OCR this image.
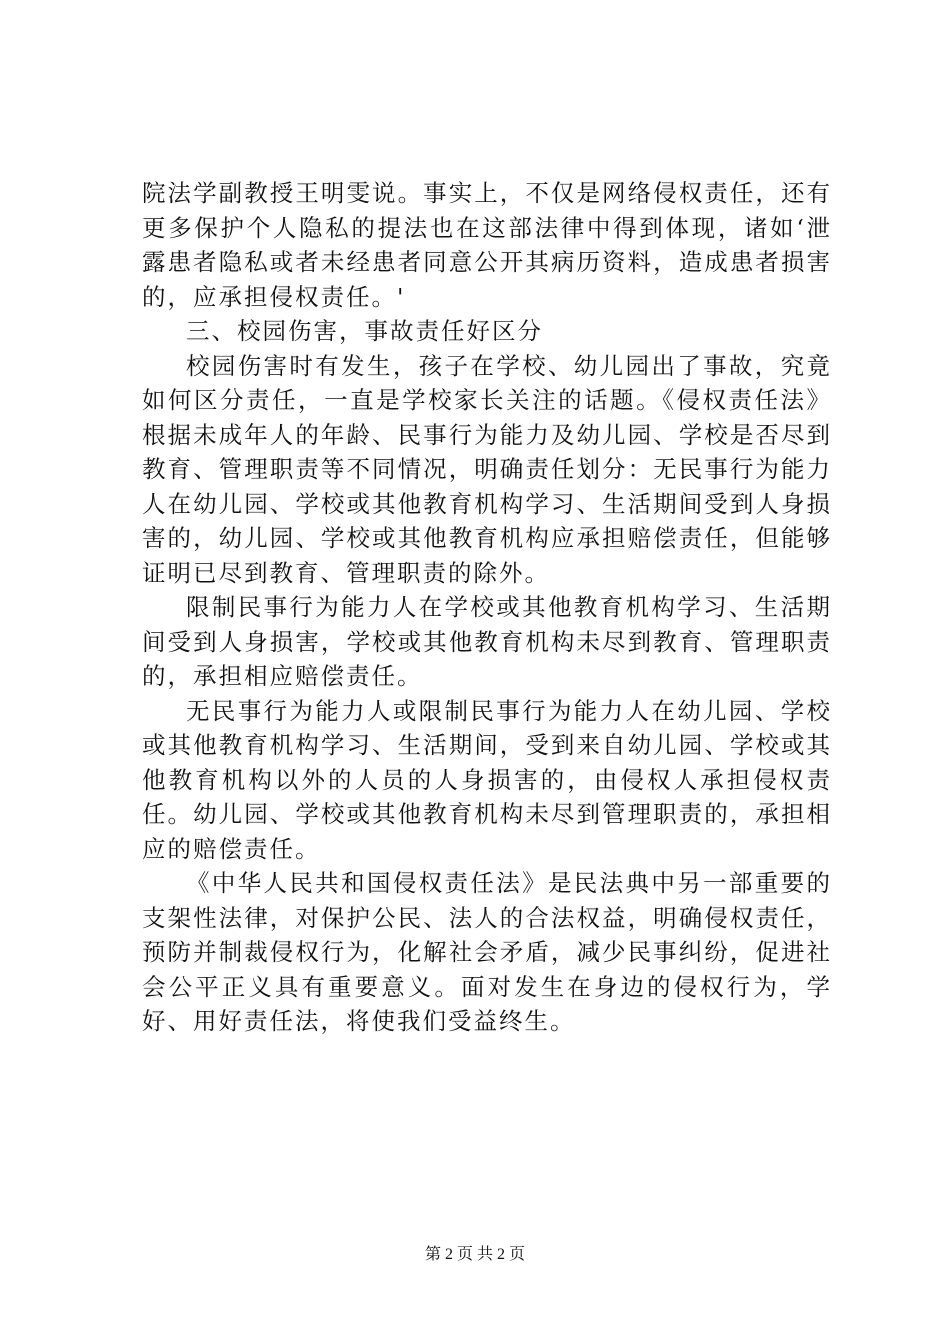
院法学副教授王明雯说。事实上，不仅是网络侵权责任，还有更多保护个人隐私的提法也在这部法律中得到体现，诸如‘泄露患者隐私或者未经患者同意公开其病历资料，造成患者损害的，应承担侵权责任。'

三、校园伤害，事故责任好区分

校园伤害时有发生，孩子在学校、幼儿园出了事故，究竟如何区分责任，一直是学校家长关注的话题。《侵权责任法》根据未成年人的年龄、民事行为能力及幼儿园、学校是否尽到教育、管理职责等不同情况，明确责任划分：无民事行为能力人在幼儿园、学校或其他教育机构学习、生活期间受到人身损害的，幼儿园、学校或其他教育机构应承担赔偿责任，但能够证明已尽到教育、管理职责的除外。

限制民事行为能力人在学校或其他教育机构学习、生活期间受到人身损害，学校或其他教育机构未尽到教育、管理职责的，承担相应赔偿责任。

无民事行为能力人或限制民事行为能力人在幼儿园、学校或其他教育机构学习、生活期间，受到来自幼儿园、学校或其他教育机构以外的人员的人身损害的，由侵权人承担侵权责任。幼儿园、学校或其他教育机构未尽到管理职责的，承担相应的赔偿责任。

《中华人民共和国侵权责任法》是民法典中另一部重要的支架性法律，对保护公民、法人的合法权益，明确侵权责任，预防并制裁侵权行为，化解社会矛盾，减少民事纠纷，促进社会公平正义具有重要意义。面对发生在身边的侵权行为，学好、用好责任法，将使我们受益终生。

第 2 页 共 2 页
